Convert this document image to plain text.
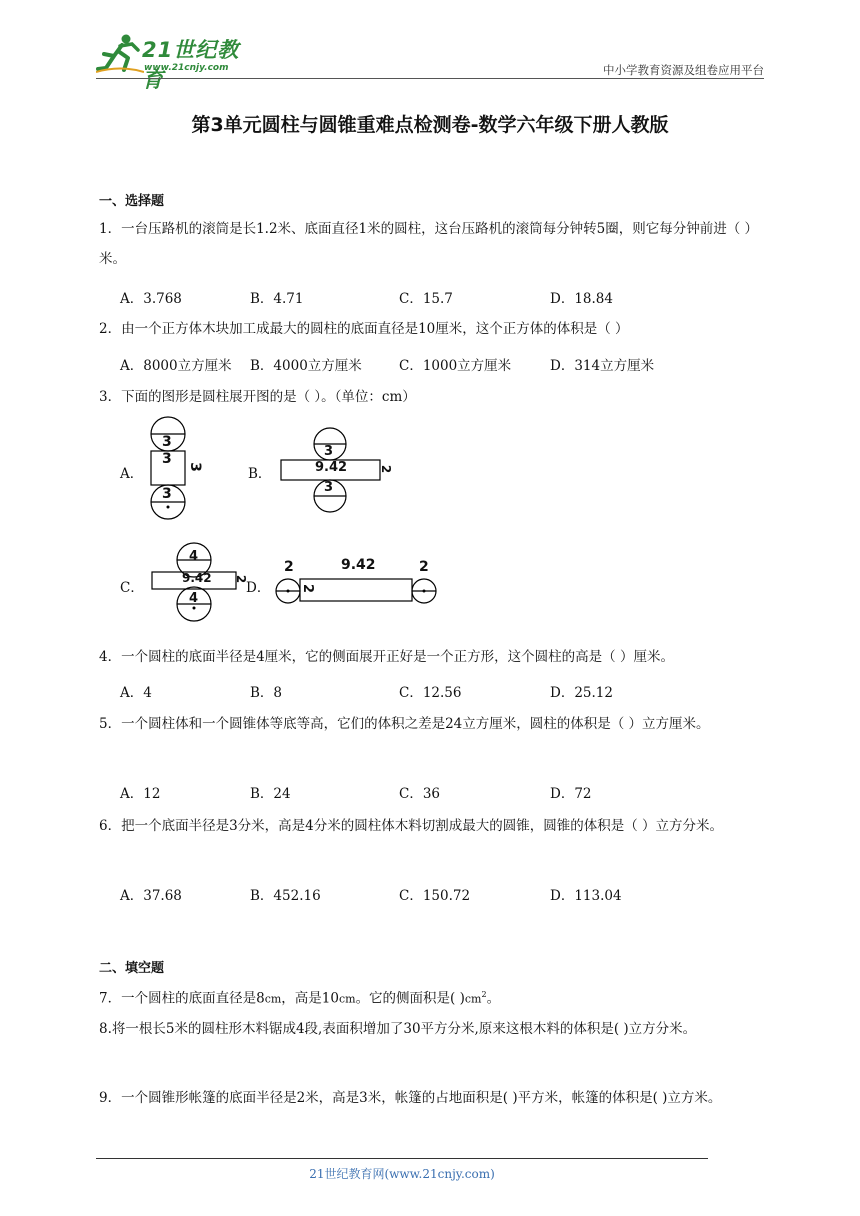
21世纪教育
www.21cnjy.com	中小学教育资源及组卷应用平台
第3单元圆柱与圆锥重难点检测卷-数学六年级下册人教版
一、选择题
1．一台压路机的滚筒是长1.2米、底面直径1米的圆柱，这台压路机的滚筒每分钟转5圈，则它每分钟前进（ ）米。
A．3.768	B．4.71	C．15.7	D．18.84
2．由一个正方体木块加工成最大的圆柱的底面直径是10厘米，这个正方体的体积是（ ）
A．8000立方厘米 B．4000立方厘米	C．1000立方厘米	D．314立方厘米
3．下面的图形是圆柱展开图的是（ ）。（单位：cm）
A．	B．
C．	D．
3
3 3
3
3
9.42	2
3
4
9.42 2
4
2	9.42
2
2
4．一个圆柱的底面半径是4厘米，它的侧面展开正好是一个正方形，这个圆柱的高是（ ）厘米。
A．4	B．8	C．12.56	D．25.12
5．一个圆柱体和一个圆锥体等底等高，它们的体积之差是24立方厘米，圆柱的体积是（ ）立方厘米。
A．12	B．24	C．36	D．72
6．把一个底面半径是3分米，高是4分米的圆柱体木料切割成最大的圆锥，圆锥的体积是（ ）立方分米。
A．37.68	B．452.16	C．150.72	D．113.04
二、填空题
7．一个圆柱的底面直径是8cm，高是10cm。它的侧面积是( )$cm^2$。
8.将一根长5米的圆柱形木料锯成4段,表面积增加了30平方分米,原来这根木料的体积是( )立方分米。
9．一个圆锥形帐篷的底面半径是2米，高是3米，帐篷的占地面积是( )平方米，帐篷的体积是( )立方米。
21世纪教育网(www.21cnjy.com)
